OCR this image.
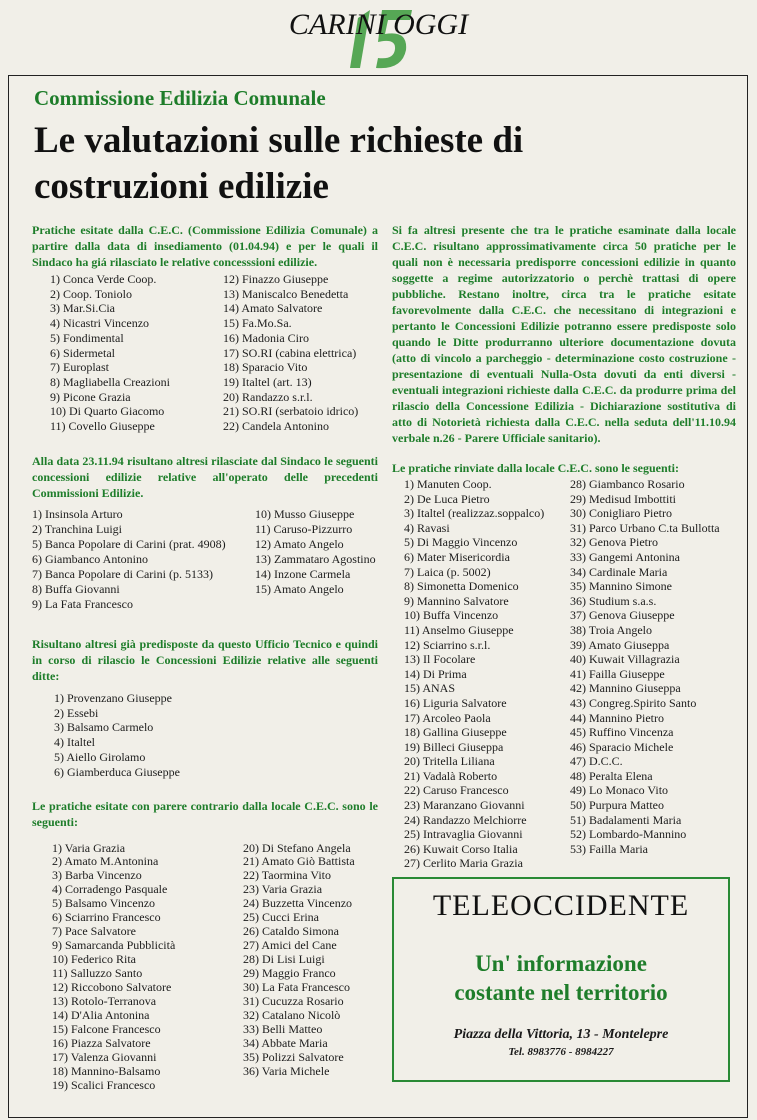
CARINI OGGI
Commissione Edilizia Comunale
Le valutazioni sulle richieste di costruzioni edilizie
Pratiche esitate dalla C.E.C. (Commissione Edilizia Comunale) a partire dalla data di insediamento (01.04.94) e per le quali il Sindaco ha giá rilasciato le relative concesssioni edilizie.
1) Conca Verde Coop.
2) Coop. Toniolo
3) Mar.Si.Cia
4) Nicastri Vincenzo
5) Fondimental
6) Sidermetal
7) Europlast
8) Magliabella Creazioni
9) Picone Grazia
10) Di Quarto Giacomo
11) Covello Giuseppe
12) Finazzo Giuseppe
13) Maniscalco Benedetta
14) Amato Salvatore
15) Fa.Mo.Sa.
16) Madonia Ciro
17) SO.RI (cabina elettrica)
18) Sparacio Vito
19) Italtel (art. 13)
20) Randazzo s.r.l.
21) SO.RI (serbatoio idrico)
22) Candela Antonino
Alla data 23.11.94 risultano altresi rilasciate dal Sindaco le seguenti concessioni edilizie relative all'operato delle precedenti Commissioni Edilizie.
1) Insinsola Arturo
2) Tranchina Luigi
5) Banca Popolare di Carini (prat. 4908)
6) Giambanco Antonino
7) Banca Popolare di Carini (p. 5133)
8) Buffa Giovanni
9) La Fata Francesco
10) Musso Giuseppe
11) Caruso-Pizzurro
12) Amato Angelo
13) Zammataro Agostino
14) Inzone Carmela
15) Amato Angelo
Risultano altresi già predisposte da questo Ufficio Tecnico e quindi in corso di rilascio le Concessioni Edilizie relative alle seguenti ditte:
1) Provenzano Giuseppe
2) Essebi
3) Balsamo Carmelo
4) Italtel
5) Aiello Girolamo
6) Giamberduca Giuseppe
Le pratiche esitate con parere contrario dalla locale C.E.C. sono le seguenti:
1) Varia Grazia
2) Amato M.Antonina
3) Barba Vincenzo
4) Corradengo Pasquale
5) Balsamo Vincenzo
6) Sciarrino Francesco
7) Pace Salvatore
9) Samarcanda Pubblicità
10) Federico Rita
11) Salluzzo Santo
12) Riccobono Salvatore
13) Rotolo-Terranova
14) D'Alia Antonina
15) Falcone Francesco
16) Piazza Salvatore
17) Valenza Giovanni
18) Mannino-Balsamo
19) Scalici Francesco
20) Di Stefano Angela
21) Amato Giò Battista
22) Taormina Vito
23) Varia Grazia
24) Buzzetta Vincenzo
25) Cucci Erina
26) Cataldo Simona
27) Amici del Cane
28) Di Lisi Luigi
29) Maggio Franco
30) La Fata Francesco
31) Cucuzza Rosario
32) Catalano Nicolò
33) Belli Matteo
34) Abbate Maria
35) Polizzi Salvatore
36) Varia Michele
Si fa altresi presente che tra le pratiche esaminate dalla locale C.E.C. risultano approssimativamente circa 50 pratiche per le quali non è necessaria predisporre concessioni edilizie in quanto soggette a regime autorizzatorio o perchè trattasi di opere pubbliche. Restano inoltre, circa tra le pratiche esitate favorevolmente dalla C.E.C. che necessitano di integrazioni e pertanto le Concessioni Edilizie potranno essere predisposte solo quando le Ditte produrranno ulteriore documentazione dovuta (atto di vincolo a parcheggio - determinazione costo costruzione - presentazione di eventuali Nulla-Osta dovuti da enti diversi - eventuali integrazioni richieste dalla C.E.C. da produrre prima del rilascio della Concessione Edilizia - Dichiarazione sostitutiva di atto di Notorietà richiesta dalla C.E.C. nella seduta dell'11.10.94 verbale n.26 - Parere Ufficiale sanitario).
Le pratiche rinviate dalla locale C.E.C. sono le seguenti:
1) Manuten Coop.
2) De Luca Pietro
3) Italtel (realizzaz.soppalco)
4) Ravasi
5) Di Maggio Vincenzo
6) Mater Misericordia
7) Laica (p. 5002)
8) Simonetta Domenico
9) Mannino Salvatore
10) Buffa Vincenzo
11) Anselmo Giuseppe
12) Sciarrino s.r.l.
13) Il Focolare
14) Di Prima
15) ANAS
16) Liguria Salvatore
17) Arcoleo Paola
18) Gallina Giuseppe
19) Billeci Giuseppa
20) Tritella Liliana
21) Vadalà Roberto
22) Caruso Francesco
23) Maranzano Giovanni
24) Randazzo Melchiorre
25) Intravaglia Giovanni
26) Kuwait Corso Italia
27) Cerlito Maria Grazia
28) Giambanco Rosario
29) Medisud Imbottiti
30) Conigliaro Pietro
31) Parco Urbano C.ta Bullotta
32) Genova Pietro
33) Gangemi Antonina
34) Cardinale Maria
35) Mannino Simone
36) Studium s.a.s.
37) Genova Giuseppe
38) Troia Angelo
39) Amato Giuseppa
40) Kuwait Villagrazia
41) Failla Giuseppe
42) Mannino Giuseppa
43) Congreg.Spirito Santo
44) Mannino Pietro
45) Ruffino Vincenza
46) Sparacio Michele
47) D.C.C.
48) Peralta Elena
49) Lo Monaco Vito
50) Purpura Matteo
51) Badalamenti Maria
52) Lombardo-Mannino
53) Failla Maria
TELEOCCIDENTE
Un' informazione
costante nel territorio
Piazza della Vittoria, 13 - Montelepre
Tel. 8983776 - 8984227
